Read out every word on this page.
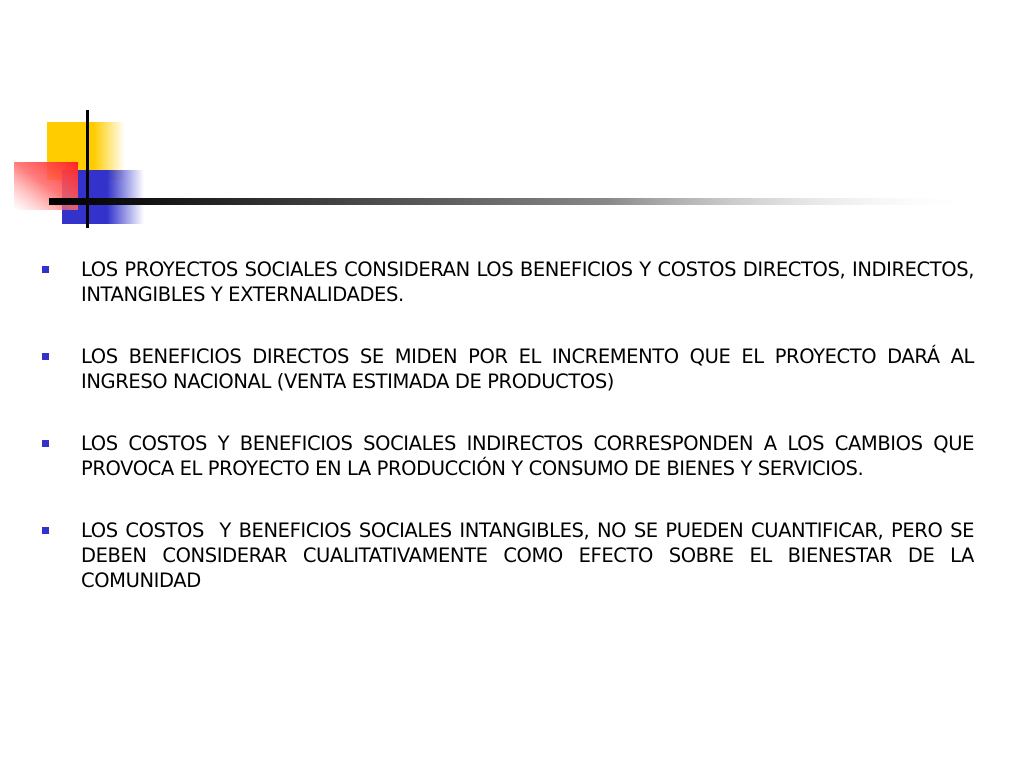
LOS PROYECTOS SOCIALES CONSIDERAN LOS BENEFICIOS Y COSTOS DIRECTOS, INDIRECTOS, INTANGIBLES Y EXTERNALIDADES.
LOS BENEFICIOS DIRECTOS SE MIDEN POR EL INCREMENTO QUE EL PROYECTO DARÁ AL INGRESO NACIONAL (VENTA ESTIMADA DE PRODUCTOS)
LOS COSTOS Y BENEFICIOS SOCIALES INDIRECTOS CORRESPONDEN A LOS CAMBIOS QUE PROVOCA EL PROYECTO EN LA PRODUCCIÓN Y CONSUMO DE BIENES Y SERVICIOS.
LOS COSTOS  Y BENEFICIOS SOCIALES INTANGIBLES, NO SE PUEDEN CUANTIFICAR, PERO SE DEBEN CONSIDERAR CUALITATIVAMENTE COMO EFECTO SOBRE EL BIENESTAR DE LA COMUNIDAD
